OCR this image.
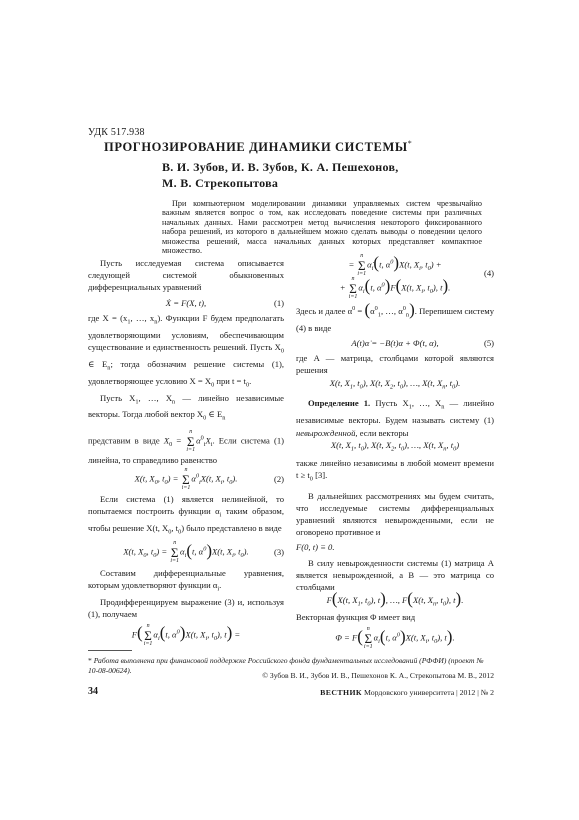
УДК 517.938
ПРОГНОЗИРОВАНИЕ ДИНАМИКИ СИСТЕМЫ*
В. И. Зубов, И. В. Зубов, К. А. Пешехонов,
М. В. Стрекопытова

При компьютерном моделировании динамики управляемых систем чрезвычайно важным является вопрос о том, как исследовать поведение системы при различных начальных данных. Нами рассмотрен метод вычисления некоторого фиксированного набора решений, из которого в дальнейшем можно сделать выводы о поведении целого множества решений, масса начальных данных которых представляет компактное множество.

Пусть исследуемая система описывается следующей системой обыкновенных дифференциальных уравнений

Ẋ = F(X, t),	(1)

где $X = (x_1$, …, $x_n$). Функции F будем предполагать удовлетворяющими условиям, обеспечивающим существование и единственность решений. Пусть $X_0$ ∈ $E_n$; тогда обозначим решение системы (1), удовлетворяющее условию $X = X_0$ при $t = t_0$.

Пусть $X_1$, …, $X_n$ — линейно независимые векторы. Тогда любой вектор $X_0$ ∈ $E_n$

представим в виде $X_0$ =
n
Σ
i=1
$\alpha^0_iX_i$. Если система (1) линейна, то справедливо равенство

X(t, $X_0$, $t_0$) =
n
Σ
i=1
$\alpha^0_iX(t$, $X_i$, $t_0$).	(2)

Если система (1) является нелинейной, то попытаемся построить функции $\alpha_i$ таким образом, чтобы решение X(t, $X_0$, $t_0$) было представлено в виде

X(t, $X_0$, $t_0$) =
n
Σ
i=1
$\alpha_i(t$, $\alpha^0)X(t$, $X_i$, $t_0$).	(3)

Составим дифференциальные уравнения, которым удовлетворяют функции $\alpha_i$.

Продифференцируем выражение (3) и, используя (1), получаем

F( n
Σ
i=1
$\alpha_i(t$, $\alpha^0)X(t$, $X_i$, $t_0$), t) =
=
n
Σ
i=1
$\alphȧ_i(t$, $\alpha^0)X(t$, $X_i$, $t_0$) +
+
n
Σ
i=1
$\alpha_i(t$, $\alpha^0)F(X(t$, $X_i$, $t_0$), t).
(4)

Здесь и далее $\alpha^0 = (\alpha^0_1$, …, $\alpha^0_n$). Перепишем систему (4) в виде

A(t)α̇ = −B(t)α + Φ(t, α),	(5)

где A — матрица, столбцами которой являются решения

X(t, $X_1$, $t_0$), X(t, $X_2$, $t_0$), …, X(t, $X_n$, $t_0$).

Определение 1. Пусть $X_1$, …, $X_n$ — линейно независимые векторы. Будем называть систему (1) невырожденной, если векторы

X(t, $X_1$, $t_0$), X(t, $X_2$, $t_0$), …, X(t, $X_n$, $t_0$)

также линейно независимы в любой момент времени $t \ge t_0$ [3].

В дальнейших рассмотрениях мы будем считать, что исследуемые системы дифференциальных уравнений являются невырожденными, если не оговорено противное и

F(0, t) ≡ 0.

В силу невырожденности системы (1) матрица A является невырожденной, а B — это матрица со столбцами

F(X(t, $X_1$, $t_0$), t), …, F(X(t, $X_n$, $t_0$), t).

Векторная функция Φ имеет вид

Φ = F( n
Σ
i=1
$\alpha_i(t$, $\alpha^0)X(t$, $X_i$, $t_0$), t).
* Работа выполнена при финансовой поддержке Российского фонда фундаментальных исследований (РФФИ) (проект № 10-08-00624).
© Зубов В. И., Зубов И. В., Пешехонов К. А., Стрекопытова М. В., 2012
34	ВЕСТНИК Мордовского университета | 2012 | № 2
